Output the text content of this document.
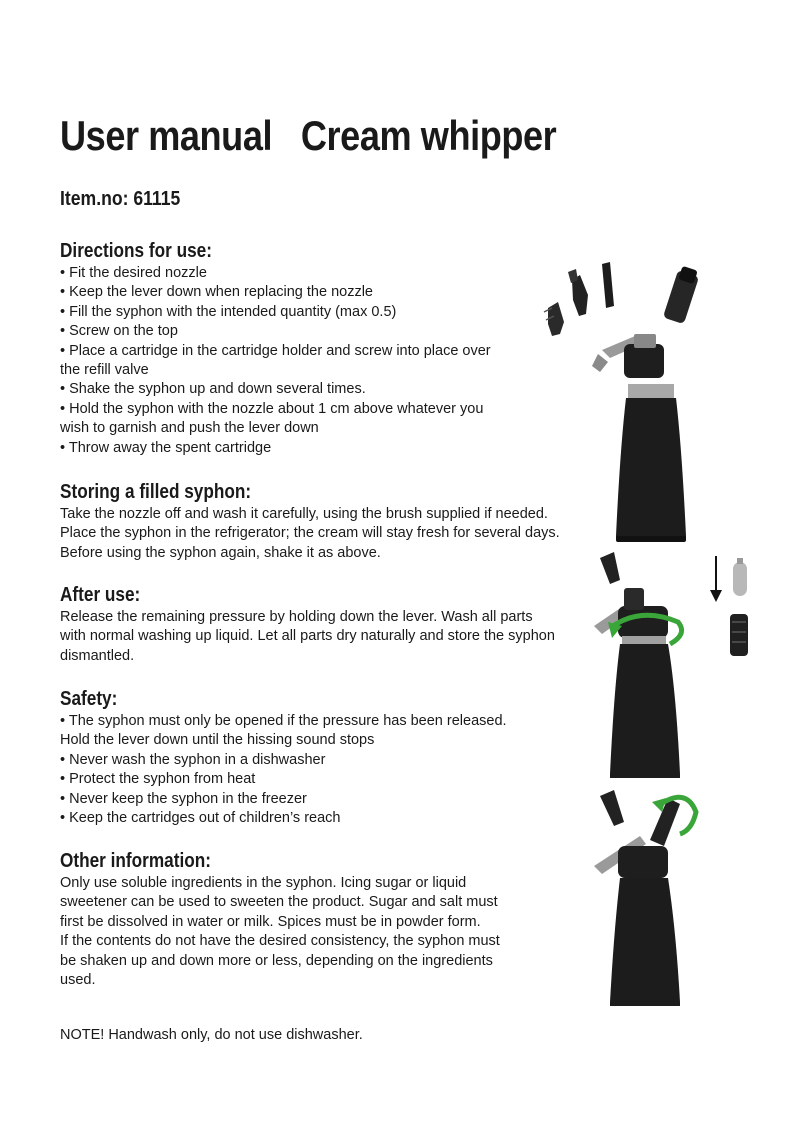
User manual   Cream whipper
Item.no: 61115
Directions for use:
• Fit the desired nozzle
• Keep the lever down when replacing the nozzle
• Fill the syphon with the intended quantity (max 0.5)
• Screw on the top
• Place a cartridge in the cartridge holder and screw into place over
the refill valve
• Shake the syphon up and down several times.
• Hold the syphon with the nozzle about 1 cm above whatever you
wish to garnish and push the lever down
• Throw away the spent cartridge
Storing a filled syphon:

Take the nozzle off and wash it carefully, using the brush supplied if needed. Place the syphon in the refrigerator; the cream will stay fresh for several days. Before using the syphon again, shake it as above.

After use:

Release the remaining pressure by holding down the lever. Wash all parts with normal washing up liquid. Let all parts dry naturally and store the syphon dismantled.

Safety:
• The syphon must only be opened if the pressure has been released.
Hold the lever down until the hissing sound stops
• Never wash the syphon in a dishwasher
• Protect the syphon from heat
• Never keep the syphon in the freezer
• Keep the cartridges out of children’s reach
Other information:
Only use soluble ingredients in the syphon. Icing sugar or liquid
sweetener can be used to sweeten the product. Sugar and salt must
first be dissolved in water or milk. Spices must be in powder form.
If the contents do not have the desired consistency, the syphon must
be shaken up and down more or less, depending on the ingredients
used.
NOTE! Handwash only, do not use dishwasher.
